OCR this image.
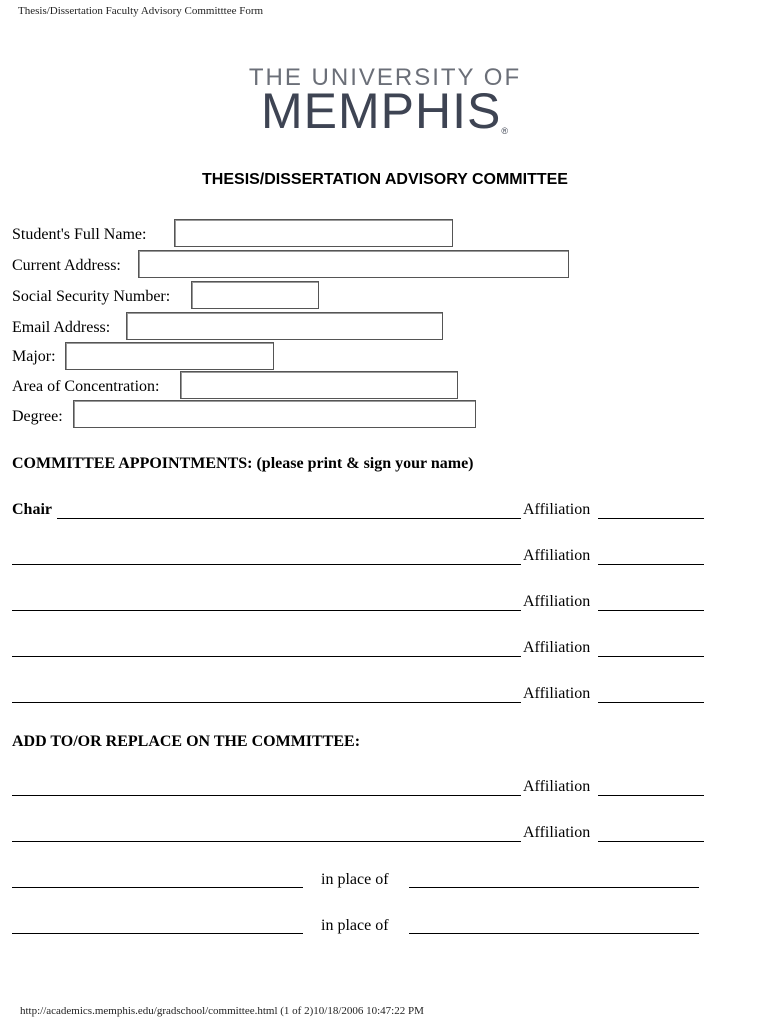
Thesis/Dissertation Faculty Advisory Committtee Form
THE UNIVERSITY OF
MEMPHIS®
THESIS/DISSERTATION ADVISORY COMMITTEE
Student's Full Name:
Current Address:
Social Security Number:
Email Address:
Major:
Area of Concentration:
Degree:
COMMITTEE APPOINTMENTS: (please print & sign your name)
Chair	Affiliation
Affiliation
Affiliation
Affiliation
Affiliation
ADD TO/OR REPLACE ON THE COMMITTEE:
Affiliation
Affiliation
in place of
in place of
http://academics.memphis.edu/gradschool/committee.html (1 of 2)10/18/2006 10:47:22 PM
